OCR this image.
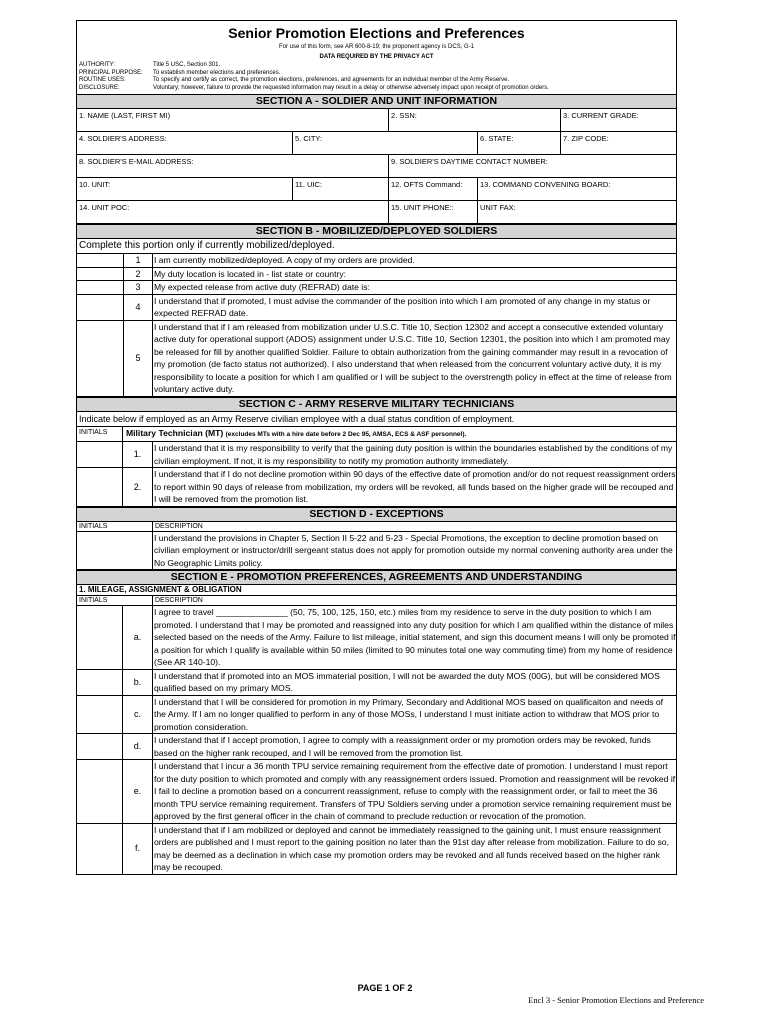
Senior Promotion Elections and Preferences
For use of this form, see AR 600-8-19; the proponent agency is DCS, G-1
DATA REQUIRED BY THE PRIVACY ACT
AUTHORITY:	Title 5 USC, Section 301.
PRINCIPAL PURPOSE:	To establish member elections and preferences.
ROUTINE USES:	To specify and certify as correct, the promotion elections, preferences, and agreements for an individual member of the Army Reserve.
DISCLOSURE:	Voluntary; however, failure to provide the requested information may result in a delay or otherwise adversely impact upon receipt of promotion orders.
SECTION A - SOLDIER AND UNIT INFORMATION
1. NAME (LAST, FIRST MI)	2. SSN:	3. CURRENT GRADE:
4. SOLDIER'S ADDRESS:	5. CITY:	6. STATE:	7. ZIP CODE:
8. SOLDIER'S E-MAIL ADDRESS:	9. SOLDIER'S DAYTIME CONTACT NUMBER:
10. UNIT:	11. UIC:	12. OFTS Command:	13. COMMAND CONVENING BOARD:
14. UNIT POC:	15. UNIT PHONE::	UNIT FAX:
SECTION B - MOBILIZED/DEPLOYED SOLDIERS
Complete this portion only if currently mobilized/deployed.
1	I am currently mobilized/deployed. A copy of my orders are provided.
2	My duty location is located in - list state or country:
3	My expected release from active duty (REFRAD) date is:
4
I understand that if promoted, I must advise the commander of the position into which I am promoted of any change in my status or expected REFRAD date.
5
I understand that if I am released from mobilization under U.S.C. Title 10, Section 12302 and accept a consecutive extended voluntary active duty for operational support (ADOS) assignment under U.S.C. Title 10, Section 12301, the position into which I am promoted may be released for fill by another qualified Soldier. Failure to obtain authorization from the gaining commander may result in a revocation of my promotion (de facto status not authorized). I also understand that when released from the concurrent voluntary active duty, it is my responsibility to locate a position for which I am qualified or I will be subject to the overstrength policy in effect at the time of release from voluntary active duty.
SECTION C - ARMY RESERVE MILITARY TECHNICIANS
Indicate below if employed as an Army Reserve civilian employee with a dual status condition of employment.
INITIALS	Military Technician (MT) (excludes MTs with a hire date before 2 Dec 95, AMSA, ECS & ASF personnel).
1.
I understand that it is my responsibility to verify that the gaining duty position is within the boundaries established by the conditions of my civilian employment. If not, it is my responsibility to notify my promotion authority immediately.
2.
I understand that if I do not decline promotion within 90 days of the effective date of promotion and/or do not request reassignment orders to report within 90 days of release from mobilization, my orders will be revoked, all funds based on the higher grade will be recouped and I will be removed from the promotion list.
SECTION D - EXCEPTIONS
INITIALS	DESCRIPTION
I understand the provisions in Chapter 5, Section II 5-22 and 5-23 - Special Promotions, the exception to decline promotion based on civilian employment or instructor/drill sergeant status does not apply for promotion outside my normal convening authority area under the No Geographic Limits policy.
SECTION E - PROMOTION PREFERENCES, AGREEMENTS AND UNDERSTANDING
1. MILEAGE, ASSIGNMENT & OBLIGATION
INITIALS	DESCRIPTION
a.
I agree to travel _______________ (50, 75, 100, 125, 150, etc.) miles from my residence to serve in the duty position to which I am promoted. I understand that I may be promoted and reassigned into any duty position for which I am qualified within the distance of miles selected based on the needs of the Army. Failure to list mileage, initial statement, and sign this document means I will only be promoted if a position for which I qualify is available within 50 miles (limited to 90 minutes total one way commuting time) from my home of residence (See AR 140-10).
b.
I understand that if promoted into an MOS immaterial position, I will not be awarded the duty MOS (00G), but will be considered MOS qualified based on my primary MOS.
c.
I understand that I will be considered for promotion in my Primary, Secondary and Additional MOS based on qualificaiton and needs of the Army. If I am no longer qualified to perform in any of those MOSs, I understand I must initiate action to withdraw that MOS prior to promotion consideration.
d.
I understand that if I accept promotion, I agree to comply with a reassignment order or my promotion orders may be revoked, funds based on the higher rank recouped, and I will be removed from the promotion list.
e.
I understand that I incur a 36 month TPU service remaining requirement from the effective date of promotion. I understand I must report for the duty position to which promoted and comply with any reassignement orders issued. Promotion and reassignment will be revoked if I fail to decline a promotion based on a concurrent reassignment, refuse to comply with the reassignment order, or fail to meet the 36 month TPU service remaining requirement. Transfers of TPU Soldiers serving under a promotion service remaining requirement must be approved by the first general officer in the chain of command to preclude reduction or revocation of the promotion.
f.
I understand that if I am mobilized or deployed and cannot be immediately reassigned to the gaining unit, I must ensure reassignment orders are published and I must report to the gaining position no later than the 91st day after release from mobilization. Failure to do so, may be deemed as a declination in which case my promotion orders may be revoked and all funds received based on the higher rank may be recouped.
PAGE 1 OF 2
Encl 3 - Senior Promotion Elections and Preference
